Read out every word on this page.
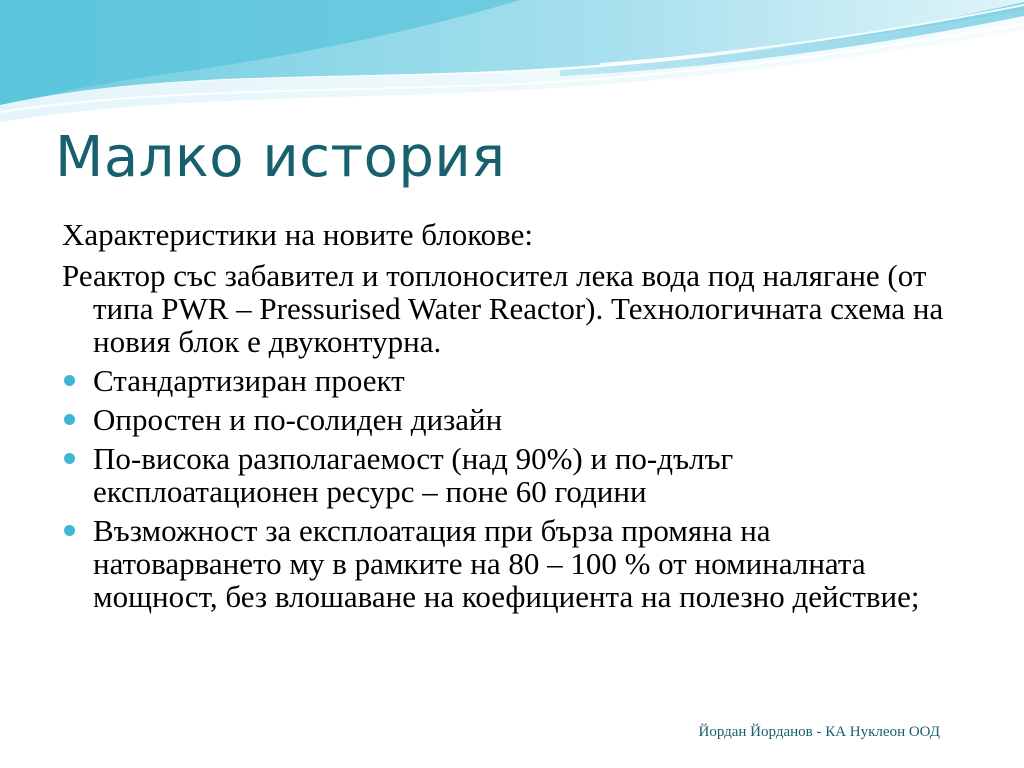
Малко история

Характеристики на новите блокове:

Реактор със забавител и топлоносител лека вода под налягане (от типа PWR – Pressurised Water Reactor). Технологичната схема на новия блок е двуконтурна.

Стандартизиран проект
Опростен и по-солиден дизайн
По-висока разполагаемост (над 90%) и по-дълъг експлоатационен ресурс – поне 60 години
Възможност за експлоатация при бърза промяна на натоварването му в рамките на 80 – 100 % от номиналната мощност, без влошаване на коефициента на полезно действие;
Йордан Йорданов - КА Нуклеон ООД
